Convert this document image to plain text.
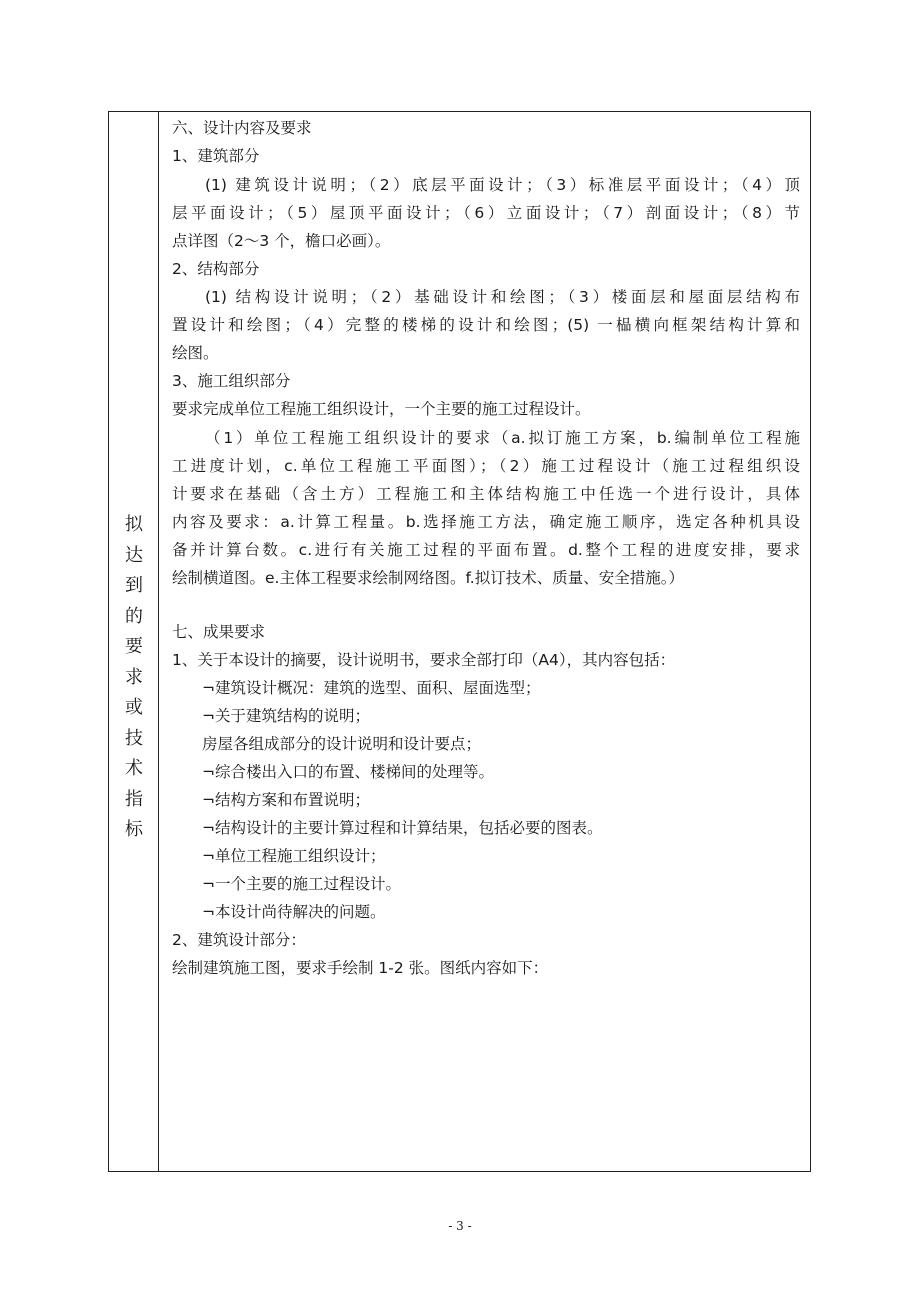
拟
达
到
的
要
求
或
技
术
指
标
六、设计内容及要求
1、建筑部分
(1) 建筑设计说明；（2）底层平面设计；（3）标准层平面设计；（4）顶
层平面设计；（5）屋顶平面设计；（6）立面设计；（7）剖面设计；（8）节
点详图（2～3 个，檐口必画）。
2、结构部分
(1) 结构设计说明；（2）基础设计和绘图；（3）楼面层和屋面层结构布
置设计和绘图；（4）完整的楼梯的设计和绘图；(5) 一榀横向框架结构计算和
绘图。
3、施工组织部分
要求完成单位工程施工组织设计，一个主要的施工过程设计。
（1）单位工程施工组织设计的要求（a.拟订施工方案，b.编制单位工程施
工进度计划，c.单位工程施工平面图）；（2）施工过程设计（施工过程组织设
计要求在基础（含土方）工程施工和主体结构施工中任选一个进行设计，具体
内容及要求：a.计算工程量。b.选择施工方法，确定施工顺序，选定各种机具设
备并计算台数。c.进行有关施工过程的平面布置。d.整个工程的进度安排，要求
绘制横道图。e.主体工程要求绘制网络图。f.拟订技术、质量、安全措施。）
七、成果要求
1、关于本设计的摘要，设计说明书，要求全部打印（A4），其内容包括：
¬建筑设计概况：建筑的选型、面积、屋面选型；
¬关于建筑结构的说明；
房屋各组成部分的设计说明和设计要点；
¬综合楼出入口的布置、楼梯间的处理等。
¬结构方案和布置说明；
¬结构设计的主要计算过程和计算结果，包括必要的图表。
¬单位工程施工组织设计；
¬一个主要的施工过程设计。
¬本设计尚待解决的问题。
2、建筑设计部分：
绘制建筑施工图，要求手绘制 1-2 张。图纸内容如下：
- 3 -
